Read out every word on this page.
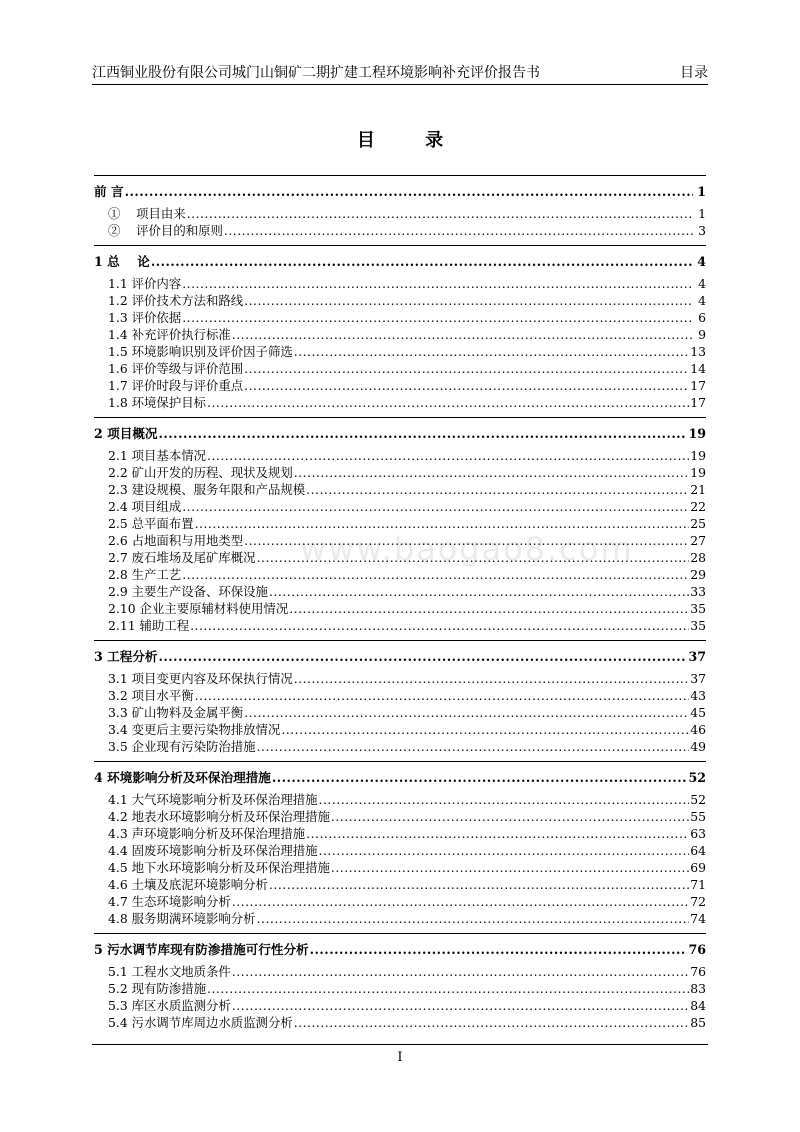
江西铜业股份有限公司城门山铜矿二期扩建工程环境影响补充评价报告书	目录
目 录
www.baogao8.com
前 言 .....	1
①    项目由来 .....	1
②    评价目的和原则 .....	3
1 总    论 .....	4
1.1 评价内容 .....	4
1.2 评价技术方法和路线 .....	4
1.3 评价依据 .....	6
1.4 补充评价执行标准 .....	9
1.5 环境影响识别及评价因子筛选 .....	13
1.6 评价等级与评价范围 .....	14
1.7 评价时段与评价重点 .....	17
1.8 环境保护目标 .....	17
2 项目概况 .....	19
2.1 项目基本情况 .....	19
2.2 矿山开发的历程、现状及规划 .....	19
2.3 建设规模、服务年限和产品规模 .....	21
2.4 项目组成 .....	22
2.5 总平面布置 .....	25
2.6 占地面积与用地类型 .....	27
2.7 废石堆场及尾矿库概况 .....	28
2.8 生产工艺 .....	29
2.9 主要生产设备、环保设施 .....	33
2.10 企业主要原辅材料使用情况 .....	35
2.11 辅助工程 .....	35
3 工程分析 .....	37
3.1 项目变更内容及环保执行情况 .....	37
3.2 项目水平衡 .....	43
3.3 矿山物料及金属平衡 .....	45
3.4 变更后主要污染物排放情况 .....	46
3.5 企业现有污染防治措施 .....	49
4 环境影响分析及环保治理措施 .....	52
4.1 大气环境影响分析及环保治理措施 .....	52
4.2 地表水环境影响分析及环保治理措施 .....	55
4.3 声环境影响分析及环保治理措施 .....	63
4.4 固废环境影响分析及环保治理措施 .....	64
4.5 地下水环境影响分析及环保治理措施 .....	69
4.6 土壤及底泥环境影响分析 .....	71
4.7 生态环境影响分析 .....	72
4.8 服务期满环境影响分析 .....	74
5 污水调节库现有防渗措施可行性分析 .....	76
5.1 工程水文地质条件 .....	76
5.2 现有防渗措施 .....	83
5.3 库区水质监测分析 .....	84
5.4 污水调节库周边水质监测分析 .....	85
I
